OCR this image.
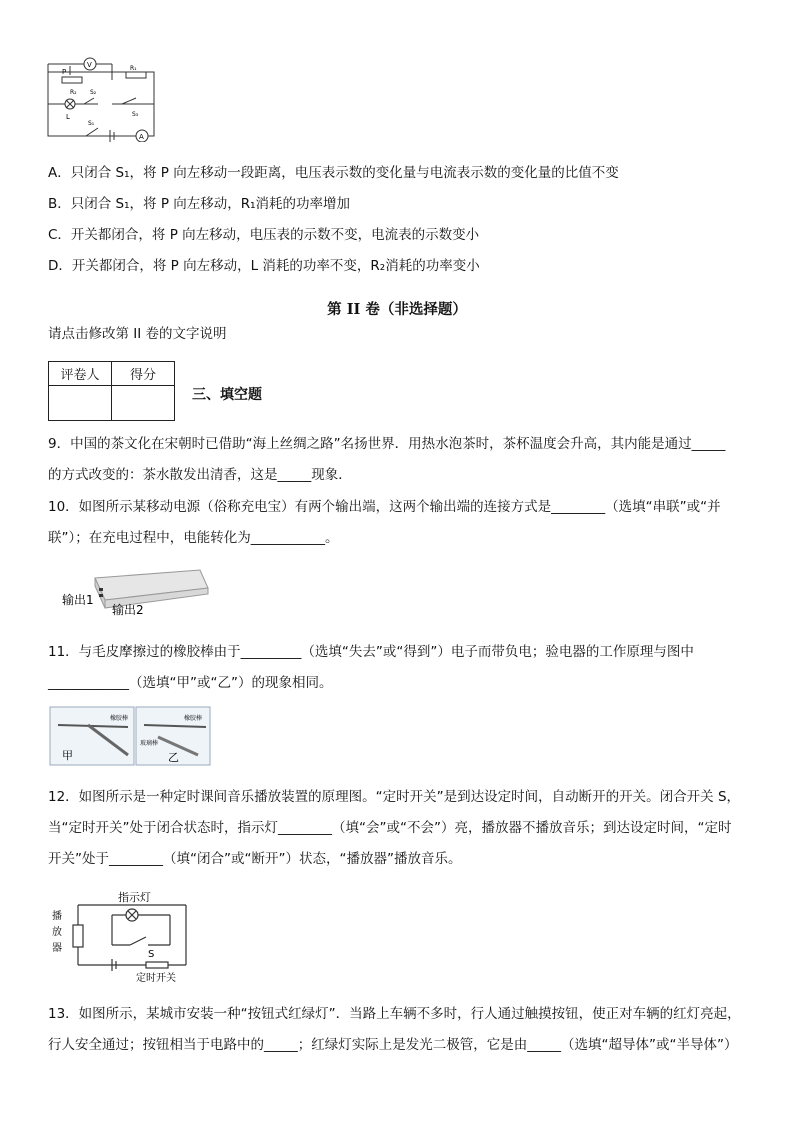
V
P	R₁
R₂ S₂
L	S₃
S₁
A
A．只闭合 S₁，将 P 向左移动一段距离，电压表示数的变化量与电流表示数的变化量的比值不变
B．只闭合 S₁，将 P 向左移动，R₁消耗的功率增加
C．开关都闭合，将 P 向左移动，电压表的示数不变，电流表的示数变小
D．开关都闭合，将 P 向左移动，L 消耗的功率不变，R₂消耗的功率变小
第 II 卷（非选择题）
请点击修改第 II 卷的文字说明
评卷人	得分

三、填空题
9．中国的茶文化在宋朝时已借助“海上丝绸之路”名扬世界．用热水泡茶时，茶杯温度会升高，其内能是通过_____
的方式改变的：茶水散发出清香，这是_____现象．
10．如图所示某移动电源（俗称充电宝）有两个输出端，这两个输出端的连接方式是________（选填“串联”或“并
联”）；在充电过程中，电能转化为___________。
输出1
输出2
11．与毛皮摩擦过的橡胶棒由于_________（选填“失去”或“得到”）电子而带负电；验电器的工作原理与图中
____________（选填“甲”或“乙”）的现象相同。
橡胶棒	橡胶棒
玻璃棒
甲	乙
12．如图所示是一种定时课间音乐播放装置的原理图。“定时开关”是到达设定时间，自动断开的开关。闭合开关 S，
当“定时开关”处于闭合状态时，指示灯________（填“会”或“不会”）亮，播放器不播放音乐；到达设定时间，“定时
开关”处于________（填“闭合”或“断开”）状态，“播放器”播放音乐。
指示灯
播
放
器
S
定时开关
13．如图所示，某城市安装一种“按钮式红绿灯”．当路上车辆不多时，行人通过触摸按钮，使正对车辆的红灯亮起，
行人安全通过；按钮相当于电路中的_____；红绿灯实际上是发光二极管，它是由_____（选填“超导体”或“半导体”）
